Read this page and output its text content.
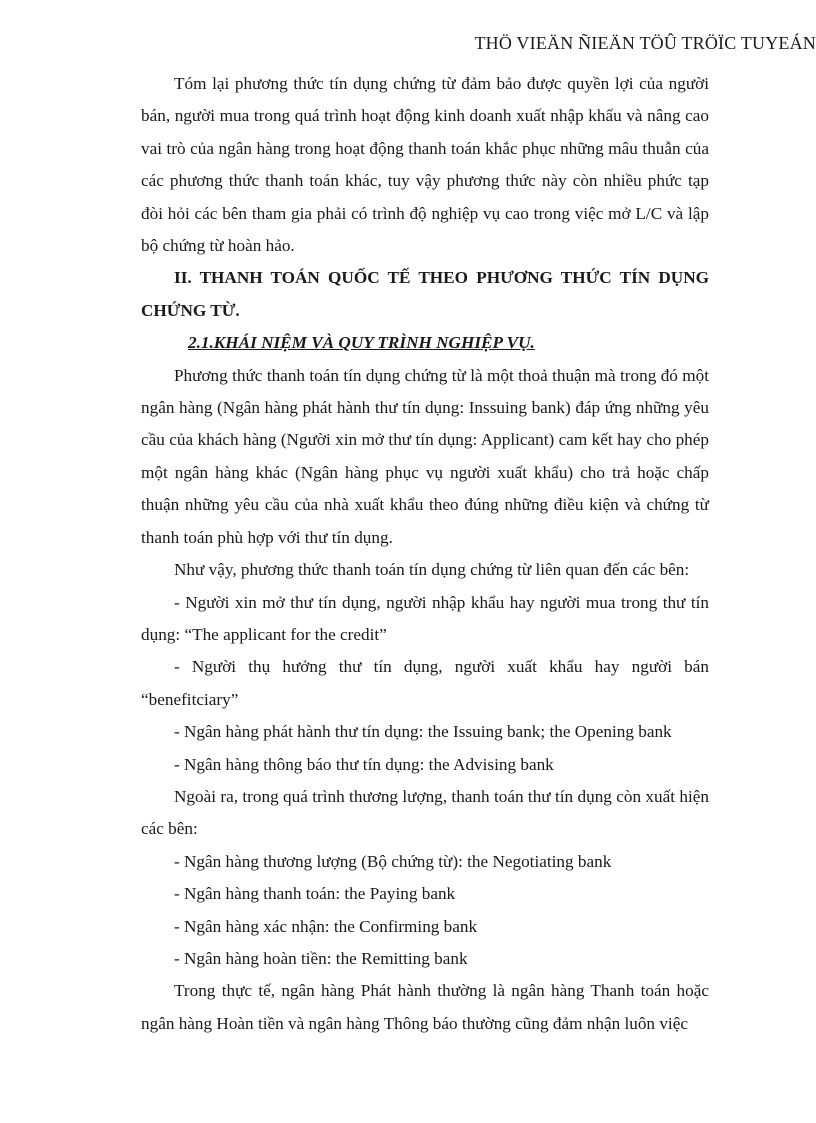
THÖ VIEÄN ÑIEÄN TÖÛ TRÖÏC TUYEÁN

Tóm lại phương thức tín dụng chứng từ đảm bảo được quyền lợi của người bán, người mua trong quá trình hoạt động kinh doanh xuất nhập khẩu và nâng cao vai trò của ngân hàng trong hoạt động thanh toán khắc phục những mâu thuẫn của các phương thức thanh toán khác, tuy vậy phương thức này còn nhiều phức tạp đòi hỏi các bên tham gia phải có trình độ nghiệp vụ cao trong việc mở L/C và lập bộ chứng từ hoàn hảo.

II. THANH TOÁN QUỐC TẾ THEO PHƯƠNG THỨC TÍN DỤNG CHỨNG TỪ.

2.1.KHÁI NIỆM VÀ QUY TRÌNH NGHIỆP VỤ.

Phương thức thanh toán tín dụng chứng từ là một thoả thuận mà trong đó một ngân hàng (Ngân hàng phát hành thư tín dụng: Inssuing bank) đáp ứng những yêu cầu của khách hàng (Người xin mở thư tín dụng: Applicant) cam kết hay cho phép một ngân hàng khác (Ngân hàng phục vụ người xuất khẩu) cho trả hoặc chấp thuận những yêu cầu của nhà xuất khẩu theo đúng những điều kiện và chứng từ thanh toán phù hợp với thư tín dụng.

Như vậy, phương thức thanh toán tín dụng chứng từ liên quan đến các bên:

- Người xin mở thư tín dụng, người nhập khẩu hay người mua trong thư tín dụng: “The applicant for the credit”

- Người thụ hưởng thư tín dụng, người xuất khẩu hay người bán “benefitciary”

- Ngân hàng phát hành thư tín dụng: the Issuing bank; the Opening bank

- Ngân hàng thông báo thư tín dụng: the Advising bank

Ngoài ra, trong quá trình thương lượng, thanh toán thư tín dụng còn xuất hiện các bên:

- Ngân hàng thương lượng (Bộ chứng từ): the Negotiating bank

- Ngân hàng thanh toán: the Paying bank

- Ngân hàng xác nhận: the Confirming bank

- Ngân hàng hoàn tiền: the Remitting bank

Trong thực tế, ngân hàng Phát hành thường là ngân hàng Thanh toán hoặc ngân hàng Hoàn tiền và ngân hàng Thông báo thường cũng đảm nhận luôn việc
